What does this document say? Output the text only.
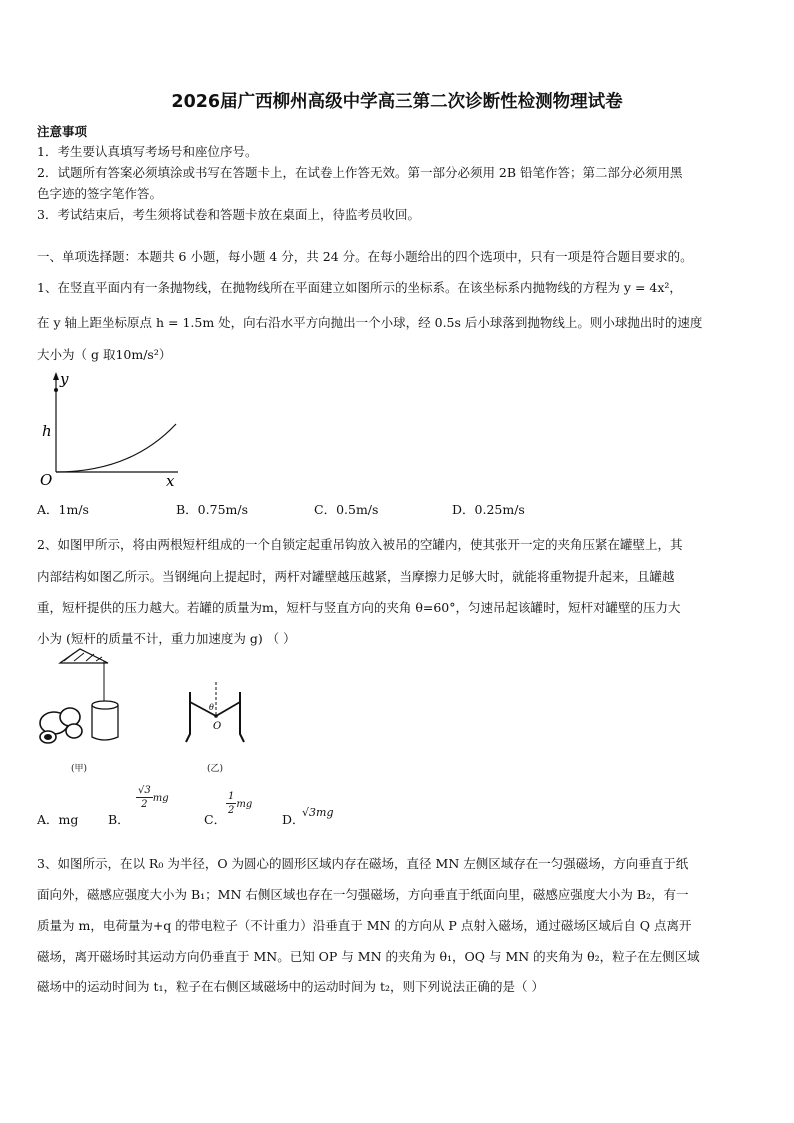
2026届广西柳州高级中学高三第二次诊断性检测物理试卷
注意事项
1．考生要认真填写考场号和座位序号。
2．试题所有答案必须填涂或书写在答题卡上，在试卷上作答无效。第一部分必须用 2B 铅笔作答；第二部分必须用黑
色字迹的签字笔作答。
3．考试结束后，考生须将试卷和答题卡放在桌面上，待监考员收回。
一、单项选择题：本题共 6 小题，每小题 4 分，共 24 分。在每小题给出的四个选项中，只有一项是符合题目要求的。
1、在竖直平面内有一条抛物线，在抛物线所在平面建立如图所示的坐标系。在该坐标系内抛物线的方程为 y = 4x²，
在 y 轴上距坐标原点 h = 1.5m 处，向右沿水平方向抛出一个小球，经 0.5s 后小球落到抛物线上。则小球抛出时的速度
大小为（ g 取10m/s²）
y
h
O	x
A．1m/s	B．0.75m/s	C．0.5m/s	D．0.25m/s
2、如图甲所示，将由两根短杆组成的一个自锁定起重吊钩放入被吊的空罐内，使其张开一定的夹角压紧在罐壁上，其
内部结构如图乙所示。当钢绳向上提起时，两杆对罐壁越压越紧，当摩擦力足够大时，就能将重物提升起来，且罐越
重，短杆提供的压力越大。若罐的质量为m，短杆与竖直方向的夹角 θ=60°，匀速吊起该罐时，短杆对罐壁的压力大
小为 (短杆的质量不计，重力加速度为 g) （ ）
(甲)
θ
O
(乙)
A．mg B．
$\frac{√3}{2}$ mg
C．
$\frac{1}{2}$ mg
D．
√3mg
3、如图所示，在以 R₀ 为半径，O 为圆心的圆形区域内存在磁场，直径 MN 左侧区域存在一匀强磁场，方向垂直于纸
面向外，磁感应强度大小为 B₁；MN 右侧区域也存在一匀强磁场，方向垂直于纸面向里，磁感应强度大小为 B₂，有一
质量为 m，电荷量为+q 的带电粒子（不计重力）沿垂直于 MN 的方向从 P 点射入磁场，通过磁场区域后自 Q 点离开
磁场，离开磁场时其运动方向仍垂直于 MN。已知 OP 与 MN 的夹角为 θ₁，OQ 与 MN 的夹角为 θ₂，粒子在左侧区域
磁场中的运动时间为 t₁，粒子在右侧区域磁场中的运动时间为 t₂，则下列说法正确的是（ ）
